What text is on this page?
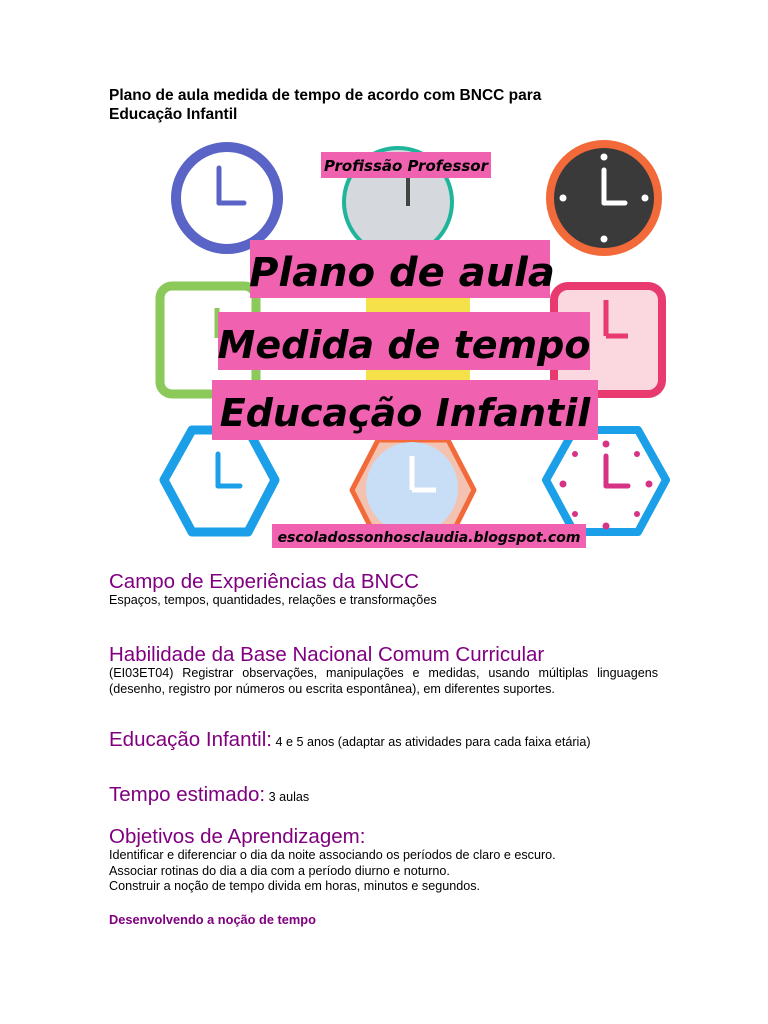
Plano de aula medida de tempo de acordo com BNCC para
Educação Infantil
Profissão Professor
Plano de aula
Medida de tempo
Educação Infantil
escoladossonhosclaudia.blogspot.com
Campo de Experiências da BNCC

Espaços, tempos, quantidades, relações e transformações

Habilidade da Base Nacional Comum Curricular

(EI03ET04) Registrar observações, manipulações e medidas, usando múltiplas linguagens (desenho, registro por números ou escrita espontânea), em diferentes suportes.

Educação Infantil: 4 e 5 anos (adaptar as atividades para cada faixa etária)

Tempo estimado: 3 aulas

Objetivos de Aprendizagem:

Identificar e diferenciar o dia da noite associando os períodos de claro e escuro.
Associar rotinas do dia a dia com a período diurno e noturno.
Construir a noção de tempo divida em horas, minutos e segundos.

Desenvolvendo a noção de tempo
